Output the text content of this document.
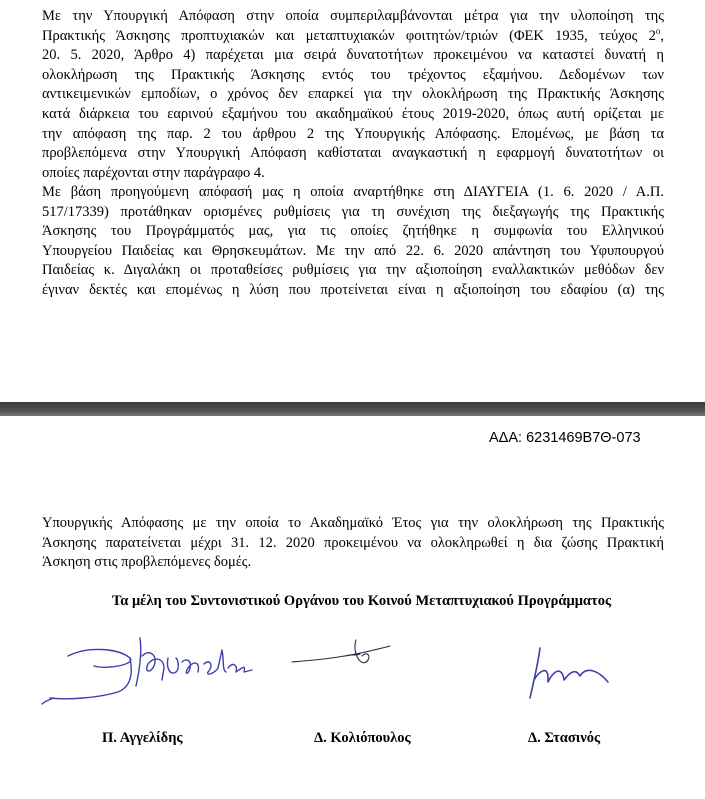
Με την Υπουργική Απόφαση στην οποία συμπεριλαμβάνονται μέτρα για την υλοποίηση της
Πρακτικής Άσκησης προπτυχιακών και μεταπτυχιακών φοιτητών/τριών (ΦΕΚ 1935, τεύχος $2^o$,
20. 5. 2020, Άρθρο 4) παρέχεται μια σειρά δυνατοτήτων προκειμένου να καταστεί δυνατή η
ολοκλήρωση της Πρακτικής Άσκησης εντός του τρέχοντος εξαμήνου. Δεδομένων των
αντικειμενικών εμποδίων, ο χρόνος δεν επαρκεί για την ολοκλήρωση της Πρακτικής Άσκησης
κατά διάρκεια του εαρινού εξαμήνου του ακαδημαϊκού έτους 2019-2020, όπως αυτή ορίζεται με
την απόφαση της παρ. 2 του άρθρου 2 της Υπουργικής Απόφασης. Επομένως, με βάση τα
προβλεπόμενα στην Υπουργική Απόφαση καθίσταται αναγκαστική η εφαρμογή δυνατοτήτων οι
οποίες παρέχονται στην παράγραφο 4.
Με βάση προηγούμενη απόφασή μας η οποία αναρτήθηκε στη ΔΙΑΥΓΕΙΑ (1. 6. 2020 / Α.Π.
517/17339) προτάθηκαν ορισμένες ρυθμίσεις για τη συνέχιση της διεξαγωγής της Πρακτικής
Άσκησης του Προγράμματός μας, για τις οποίες ζητήθηκε η συμφωνία του Ελληνικού
Υπουργείου Παιδείας και Θρησκευμάτων. Με την από 22. 6. 2020 απάντηση του Υφυπουργού
Παιδείας κ. Διγαλάκη οι προταθείσες ρυθμίσεις για την αξιοποίηση εναλλακτικών μεθόδων δεν
έγιναν δεκτές και επομένως η λύση που προτείνεται είναι η αξιοποίηση του εδαφίου (α) της
ΑΔΑ: 6231469Β7Θ-073
Υπουργικής Απόφασης με την οποία το Ακαδημαϊκό Έτος για την ολοκλήρωση της Πρακτικής
Άσκησης παρατείνεται μέχρι 31. 12. 2020 προκειμένου να ολοκληρωθεί η δια ζώσης Πρακτική
Άσκηση στις προβλεπόμενες δομές.
Τα μέλη του Συντονιστικού Οργάνου του Κοινού Μεταπτυχιακού Προγράμματος
Π. Αγγελίδης	Δ. Κολιόπουλος	Δ. Στασινός
